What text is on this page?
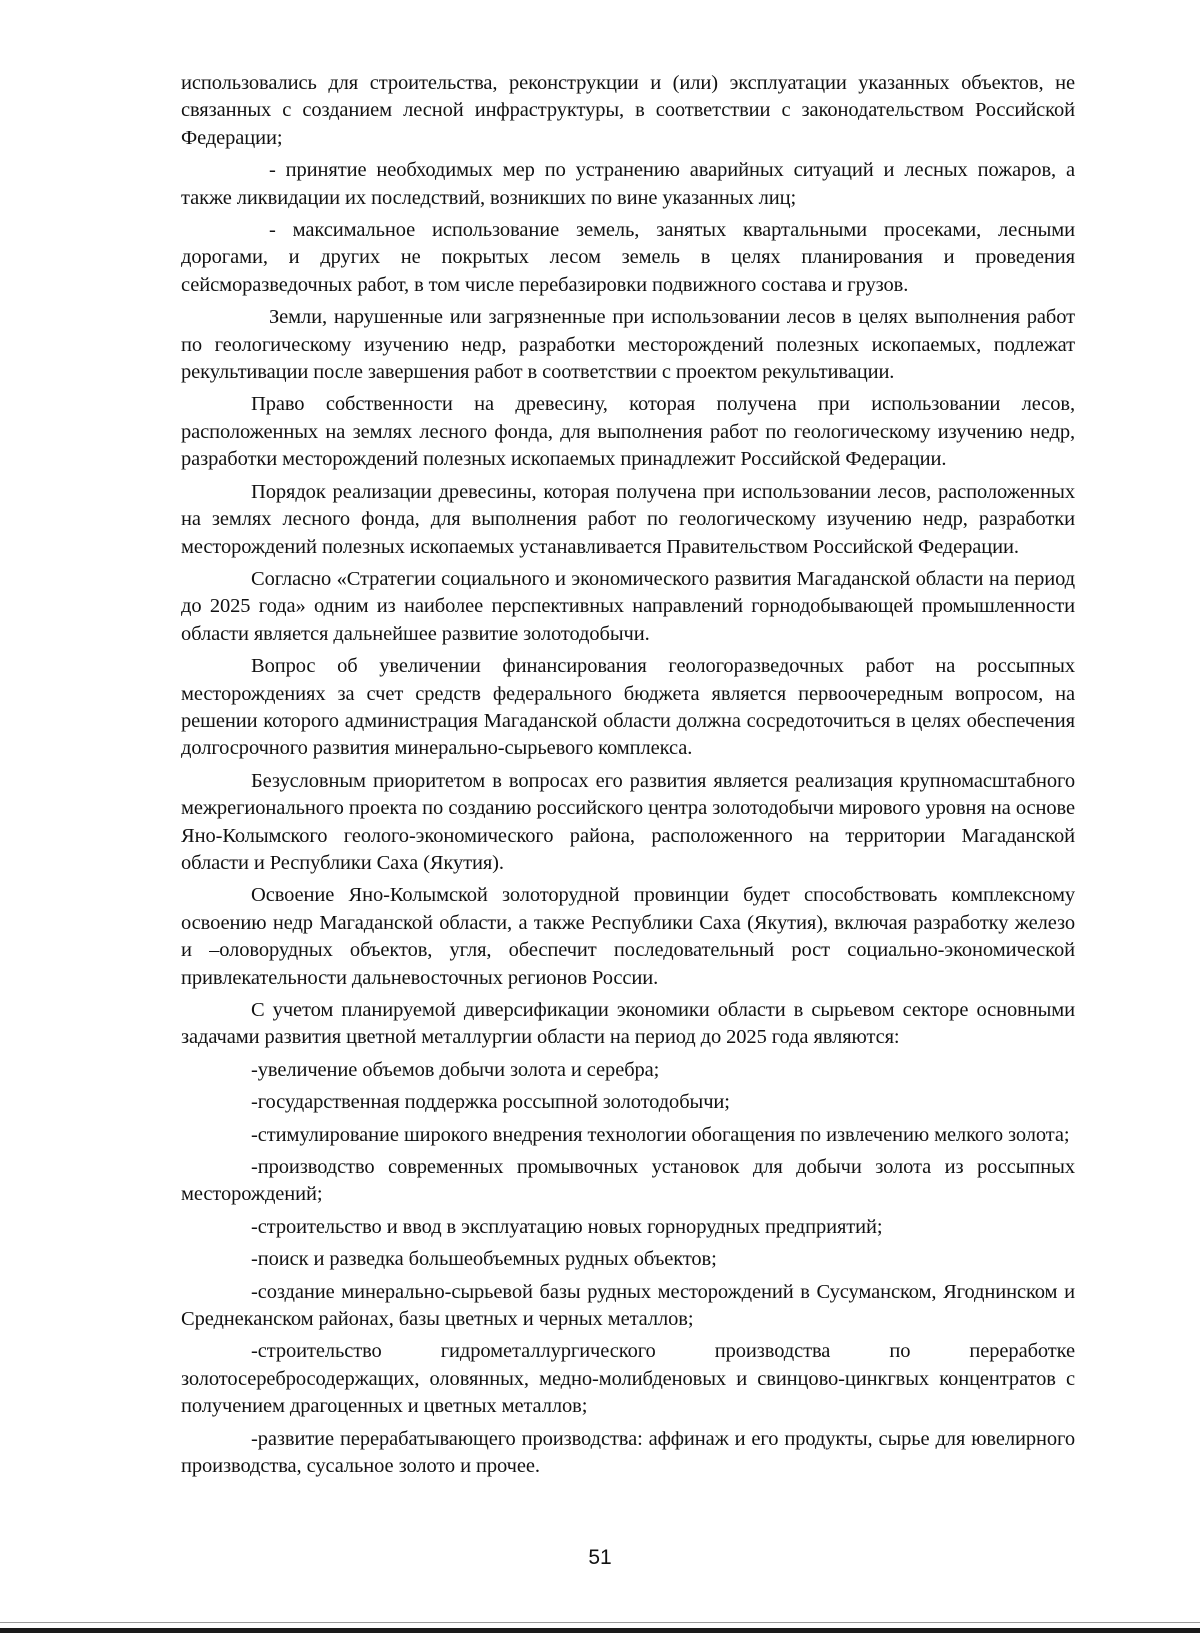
использовались для строительства, реконструкции и (или) эксплуатации указанных объектов, не связанных с созданием лесной инфраструктуры, в соответствии с законодательством Российской Федерации;

- принятие необходимых мер по устранению аварийных ситуаций и лесных пожаров, а также ликвидации их последствий, возникших по вине указанных лиц;

- максимальное использование земель, занятых квартальными просеками, лесными дорогами, и других не покрытых лесом земель в целях планирования и проведения сейсморазведочных работ, в том числе перебазировки подвижного состава и грузов.

Земли, нарушенные или загрязненные при использовании лесов в целях выполнения работ по геологическому изучению недр, разработки месторождений полезных ископаемых, подлежат рекультивации после завершения работ в соответствии с проектом рекультивации.

Право собственности на древесину, которая получена при использовании лесов, расположенных на землях лесного фонда, для выполнения работ по геологическому изучению недр, разработки месторождений полезных ископаемых принадлежит Российской Федерации.

Порядок реализации древесины, которая получена при использовании лесов, расположенных на землях лесного фонда, для выполнения работ по геологическому изучению недр, разработки месторождений полезных ископаемых устанавливается Правительством Российской Федерации.

Согласно «Стратегии социального и экономического развития Магаданской области на период до 2025 года» одним из наиболее перспективных направлений горнодобывающей промышленности области является дальнейшее развитие золотодобычи.

Вопрос об увеличении финансирования геологоразведочных работ на россыпных месторождениях за счет средств федерального бюджета является первоочередным вопросом, на решении которого администрация Магаданской области должна сосредоточиться в целях обеспечения долгосрочного развития минерально-сырьевого комплекса.

Безусловным приоритетом в вопросах его развития является реализация крупномасштабного межрегионального проекта по созданию российского центра золотодобычи мирового уровня на основе Яно-Колымского геолого-экономического района, расположенного на территории Магаданской области и Республики Саха (Якутия).

Освоение Яно-Колымской золоторудной провинции будет способствовать комплексному освоению недр Магаданской области, а также Республики Саха (Якутия), включая разработку железо и –оловорудных объектов, угля, обеспечит последовательный рост социально-экономической привлекательности дальневосточных регионов России.

С учетом планируемой диверсификации экономики области в сырьевом секторе основными задачами развития цветной металлургии области на период до 2025 года являются:

-увеличение объемов добычи золота и серебра;

-государственная поддержка россыпной золотодобычи;

-стимулирование широкого внедрения технологии обогащения по извлечению мелкого золота;

-производство современных промывочных установок для добычи золота из россыпных месторождений;

-строительство и ввод в эксплуатацию новых горнорудных предприятий;

-поиск и разведка большеобъемных рудных объектов;

-создание минерально-сырьевой базы рудных месторождений в Сусуманском, Ягоднинском и Среднеканском районах, базы цветных и черных металлов;

-строительство гидрометаллургического производства по переработке золотосеребросодержащих, оловянных, медно-молибденовых и свинцово-цинкгвых концентратов с получением драгоценных и цветных металлов;

-развитие перерабатывающего производства: аффинаж и его продукты, сырье для ювелирного производства, сусальное золото и прочее.

51
